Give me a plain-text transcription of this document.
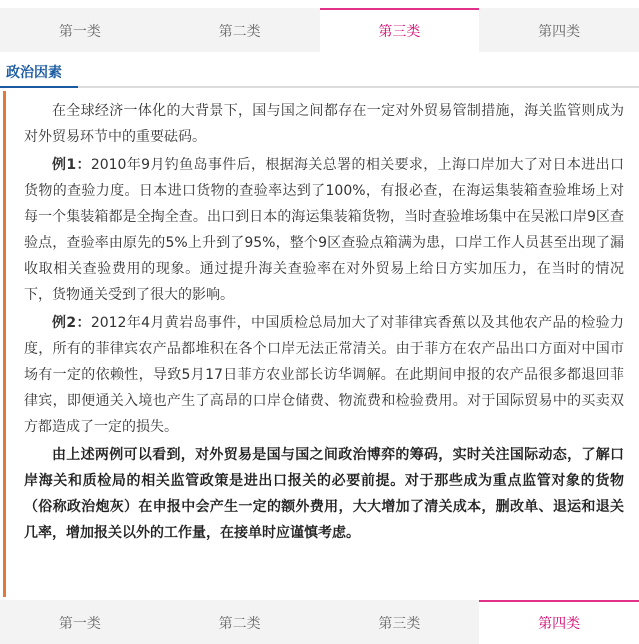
第一类	第二类	第三类	第四类
政治因素

在全球经济一体化的大背景下，国与国之间都存在一定对外贸易管制措施，海关监管则成为对外贸易环节中的重要砝码。

例1：2010年9月钓鱼岛事件后，根据海关总署的相关要求，上海口岸加大了对日本进出口货物的查验力度。日本进口货物的查验率达到了100%，有报必查，在海运集装箱查验堆场上对每一个集装箱都是全掏全查。出口到日本的海运集装箱货物，当时查验堆场集中在吴淞口岸9区查验点，查验率由原先的5%上升到了95%，整个9区查验点箱满为患，口岸工作人员甚至出现了漏收取相关查验费用的现象。通过提升海关查验率在对外贸易上给日方实加压力，在当时的情况下，货物通关受到了很大的影响。

例2：2012年4月黄岩岛事件，中国质检总局加大了对菲律宾香蕉以及其他农产品的检验力度，所有的菲律宾农产品都堆积在各个口岸无法正常清关。由于菲方在农产品出口方面对中国市场有一定的依赖性，导致5月17日菲方农业部长访华调解。在此期间申报的农产品很多都退回菲律宾，即便通关入境也产生了高昂的口岸仓储费、物流费和检验费用。对于国际贸易中的买卖双方都造成了一定的损失。

由上述两例可以看到，对外贸易是国与国之间政治博弈的筹码，实时关注国际动态，了解口岸海关和质检局的相关监管政策是进出口报关的必要前提。对于那些成为重点监管对象的货物（俗称政治炮灰）在申报中会产生一定的额外费用，大大增加了清关成本，删改单、退运和退关几率，增加报关以外的工作量，在接单时应谨慎考虑。

第一类	第二类	第三类	第四类
